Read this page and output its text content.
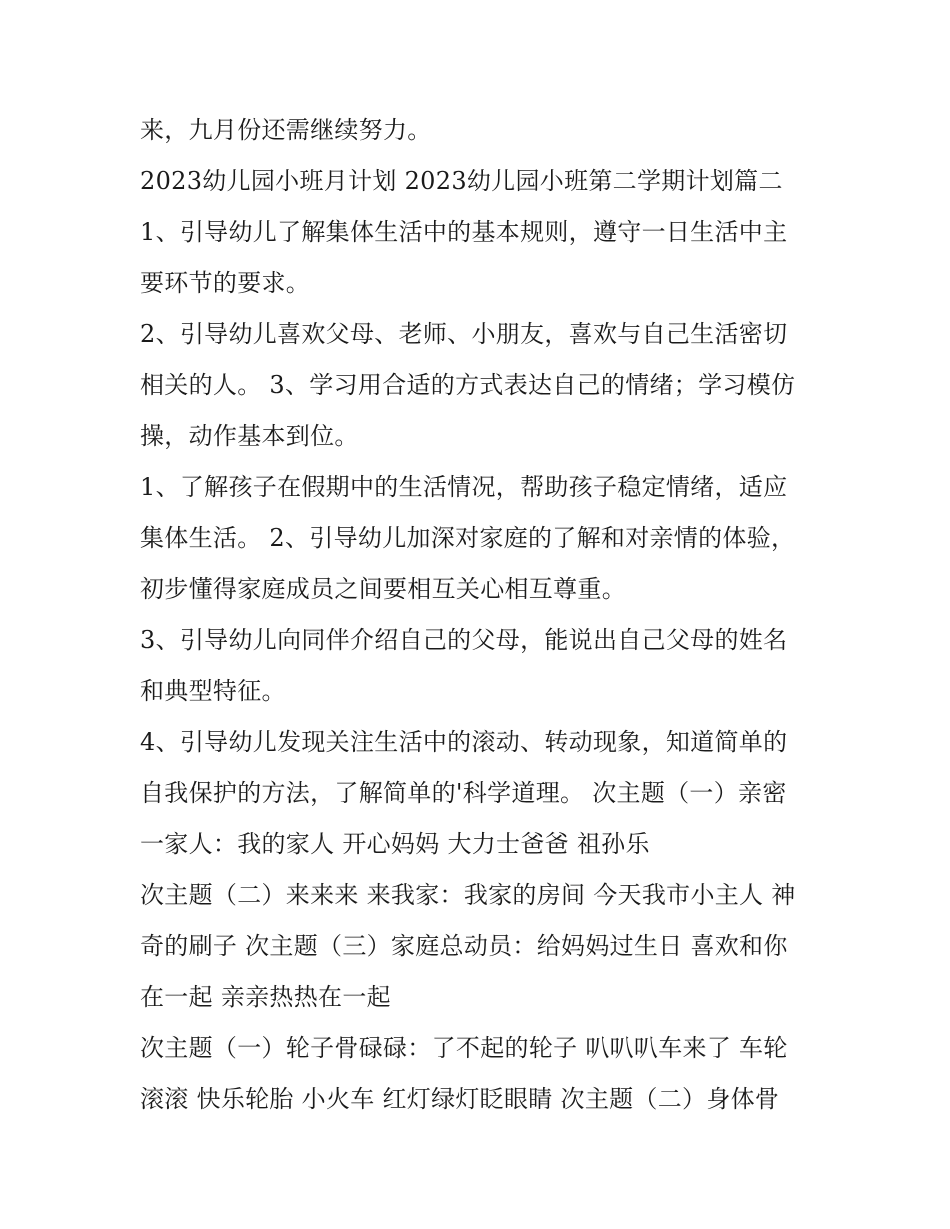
来，九月份还需继续努力。
2023幼儿园小班月计划 2023幼儿园小班第二学期计划篇二
1、引导幼儿了解集体生活中的基本规则，遵守一日生活中主
要环节的要求。
2、引导幼儿喜欢父母、老师、小朋友，喜欢与自己生活密切
相关的人。 3、学习用合适的方式表达自己的情绪；学习模仿
操，动作基本到位。
1、了解孩子在假期中的生活情况，帮助孩子稳定情绪，适应
集体生活。 2、引导幼儿加深对家庭的了解和对亲情的体验，
初步懂得家庭成员之间要相互关心相互尊重。
3、引导幼儿向同伴介绍自己的父母，能说出自己父母的姓名
和典型特征。
4、引导幼儿发现关注生活中的滚动、转动现象，知道简单的
自我保护的方法，了解简单的'科学道理。 次主题（一）亲密
一家人：我的家人 开心妈妈 大力士爸爸 祖孙乐
次主题（二）来来来 来我家：我家的房间 今天我市小主人 神
奇的刷子 次主题（三）家庭总动员：给妈妈过生日 喜欢和你
在一起 亲亲热热在一起
次主题（一）轮子骨碌碌：了不起的轮子 叭叭叭车来了 车轮
滚滚 快乐轮胎 小火车 红灯绿灯眨眼睛 次主题（二）身体骨
